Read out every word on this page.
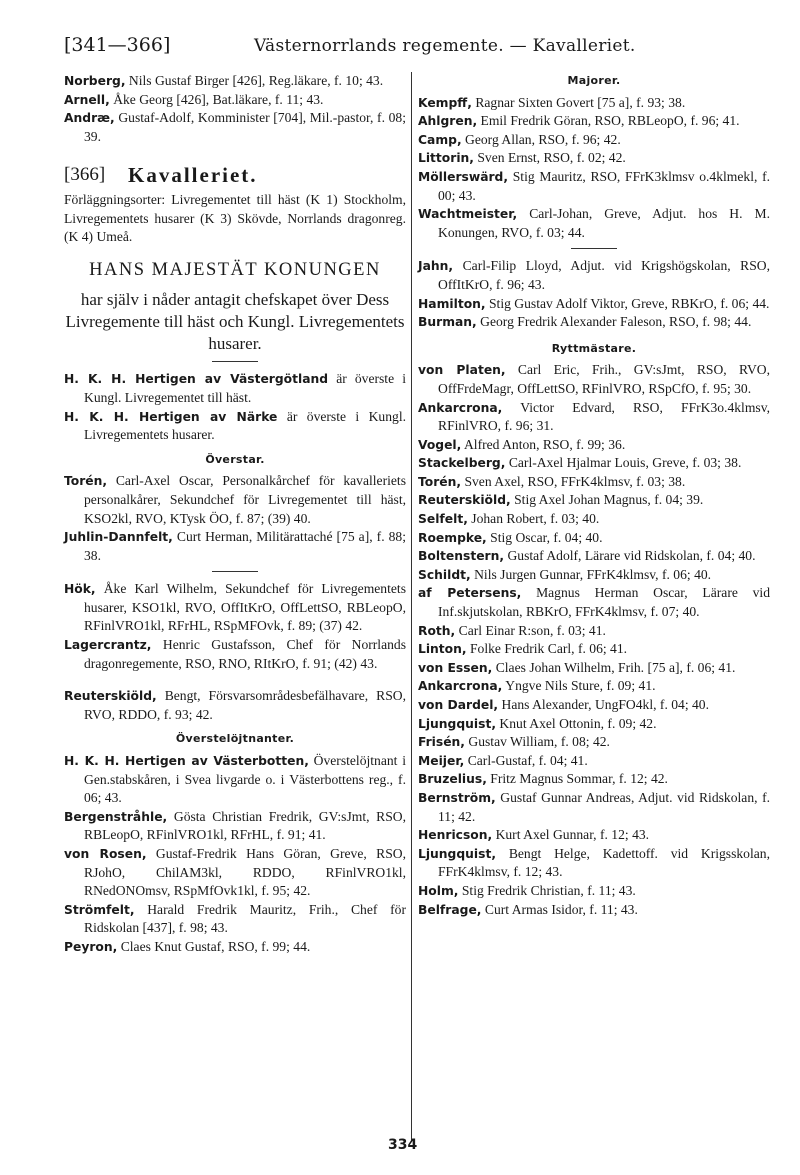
[341—366]	Västernorrlands regemente. — Kavalleriet.

Norberg, Nils Gustaf Birger [426], Reg.läkare, f. 10; 43.

Arnell, Åke Georg [426], Bat.läkare, f. 11; 43.

Andræ, Gustaf-Adolf, Komminister [704], Mil.-pastor, f. 08; 39.

[366]	Kavalleriet.

Förläggningsorter: Livregementet till häst (K 1) Stockholm, Livregementets husarer (K 3) Skövde, Norrlands dragonreg. (K 4) Umeå.

HANS MAJESTÄT KONUNGEN
har själv i nåder antagit chefskapet över Dess Livregemente till häst och Kungl. Livregementets husarer.

H. K. H. Hertigen av Västergötland är överste i Kungl. Livregementet till häst.

H. K. H. Hertigen av Närke är överste i Kungl. Livregementets husarer.

Överstar.

Torén, Carl-Axel Oscar, Personalkårchef för kavalleriets personalkårer, Sekundchef för Livregementet till häst, KSO2kl, RVO, KTysk ÖO, f. 87; (39) 40.

Juhlin-Dannfelt, Curt Herman, Militärattaché [75 a], f. 88; 38.

Hök, Åke Karl Wilhelm, Sekundchef för Livregementets husarer, KSO1kl, RVO, OffItKrO, OffLettSO, RBLeopO, RFinlVRO1kl, RFrHL, RSpMFOvk, f. 89; (37) 42.

Lagercrantz, Henric Gustafsson, Chef för Norrlands dragonregemente, RSO, RNO, RItKrO, f. 91; (42) 43.

Reuterskiöld, Bengt, Försvarsområdesbefälhavare, RSO, RVO, RDDO, f. 93; 42.

Överstelöjtnanter.

H. K. H. Hertigen av Västerbotten, Överstelöjtnant i Gen.stabskåren, i Svea livgarde o. i Västerbottens reg., f. 06; 43.

Bergenstråhle, Gösta Christian Fredrik, GV:sJmt, RSO, RBLeopO, RFinlVRO1kl, RFrHL, f. 91; 41.

von Rosen, Gustaf-Fredrik Hans Göran, Greve, RSO, RJohO, ChilAM3kl, RDDO, RFinlVRO1kl, RNedONOmsv, RSpMfOvk1kl, f. 95; 42.

Strömfelt, Harald Fredrik Mauritz, Frih., Chef för Ridskolan [437], f. 98; 43.

Peyron, Claes Knut Gustaf, RSO, f. 99; 44.

Majorer.

Kempff, Ragnar Sixten Govert [75 a], f. 93; 38.

Ahlgren, Emil Fredrik Göran, RSO, RBLeopO, f. 96; 41.

Camp, Georg Allan, RSO, f. 96; 42.

Littorin, Sven Ernst, RSO, f. 02; 42.

Möllerswärd, Stig Mauritz, RSO, FFrK3klmsv o.4klmekl, f. 00; 43.

Wachtmeister, Carl-Johan, Greve, Adjut. hos H. M. Konungen, RVO, f. 03; 44.

Jahn, Carl-Filip Lloyd, Adjut. vid Krigshögskolan, RSO, OffItKrO, f. 96; 43.

Hamilton, Stig Gustav Adolf Viktor, Greve, RBKrO, f. 06; 44.

Burman, Georg Fredrik Alexander Faleson, RSO, f. 98; 44.

Ryttmästare.

von Platen, Carl Eric, Frih., GV:sJmt, RSO, RVO, OffFrdeMagr, OffLettSO, RFinlVRO, RSpCfO, f. 95; 30.

Ankarcrona, Victor Edvard, RSO, FFrK3o.4klmsv, RFinlVRO, f. 96; 31.

Vogel, Alfred Anton, RSO, f. 99; 36.

Stackelberg, Carl-Axel Hjalmar Louis, Greve, f. 03; 38.

Torén, Sven Axel, RSO, FFrK4klmsv, f. 03; 38.

Reuterskiöld, Stig Axel Johan Magnus, f. 04; 39.

Selfelt, Johan Robert, f. 03; 40.

Roempke, Stig Oscar, f. 04; 40.

Boltenstern, Gustaf Adolf, Lärare vid Ridskolan, f. 04; 40.

Schildt, Nils Jurgen Gunnar, FFrK4klmsv, f. 06; 40.

af Petersens, Magnus Herman Oscar, Lärare vid Inf.skjutskolan, RBKrO, FFrK4klmsv, f. 07; 40.

Roth, Carl Einar R:son, f. 03; 41.

Linton, Folke Fredrik Carl, f. 06; 41.

von Essen, Claes Johan Wilhelm, Frih. [75 a], f. 06; 41.

Ankarcrona, Yngve Nils Sture, f. 09; 41.

von Dardel, Hans Alexander, UngFO4kl, f. 04; 40.

Ljungquist, Knut Axel Ottonin, f. 09; 42.

Frisén, Gustav William, f. 08; 42.

Meijer, Carl-Gustaf, f. 04; 41.

Bruzelius, Fritz Magnus Sommar, f. 12; 42.

Bernström, Gustaf Gunnar Andreas, Adjut. vid Ridskolan, f. 11; 42.

Henricson, Kurt Axel Gunnar, f. 12; 43.

Ljungquist, Bengt Helge, Kadettoff. vid Krigsskolan, FFrK4klmsv, f. 12; 43.

Holm, Stig Fredrik Christian, f. 11; 43.

Belfrage, Curt Armas Isidor, f. 11; 43.

334
